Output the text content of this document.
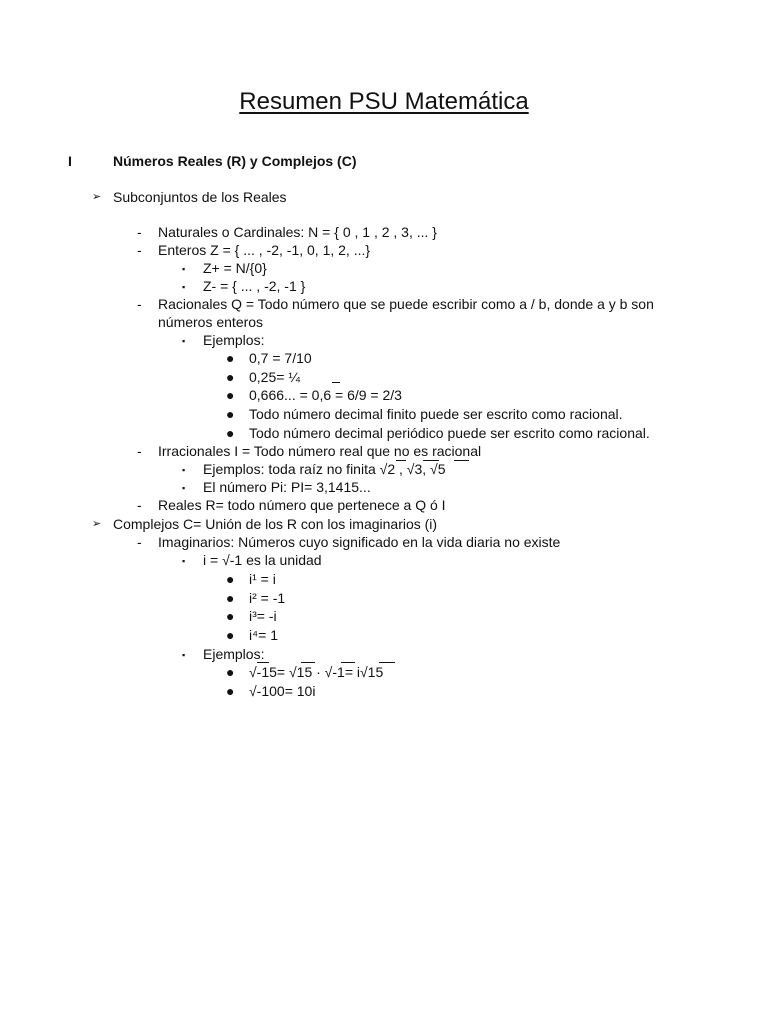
Resumen PSU Matemática
I	Números Reales (R) y Complejos (C)
➢ Subconjuntos de los Reales
- Naturales o Cardinales: N = { 0 , 1 , 2 , 3, ... }
- Enteros Z = { ... , -2, -1, 0, 1, 2, ...}
▪ Z+ = N/{0}
▪ Z- = { ... , -2, -1 }
- Racionales Q = Todo número que se puede escribir como a / b, donde a y b son
números enteros
▪ Ejemplos:
● 0,7 = 7/10
● 0,25= ¼
● 0,666... = 0,6 = 6/9 = 2/3
● Todo número decimal finito puede ser escrito como racional.
● Todo número decimal periódico puede ser escrito como racional.
- Irracionales I = Todo número real que no es racional
▪ Ejemplos: toda raíz no finita √2 , √3, √5
▪ El número Pi: PI= 3,1415...
- Reales R= todo número que pertenece a Q ó I
➢ Complejos C= Unión de los R con los imaginarios (i)
- Imaginarios: Números cuyo significado en la vida diaria no existe
▪ i = √-1 es la unidad
● i¹ = i
● i² = -1
● i³= -i
● i⁴= 1
▪ Ejemplos:
● √-15= √15 · √-1= i√15
● √-100= 10i
